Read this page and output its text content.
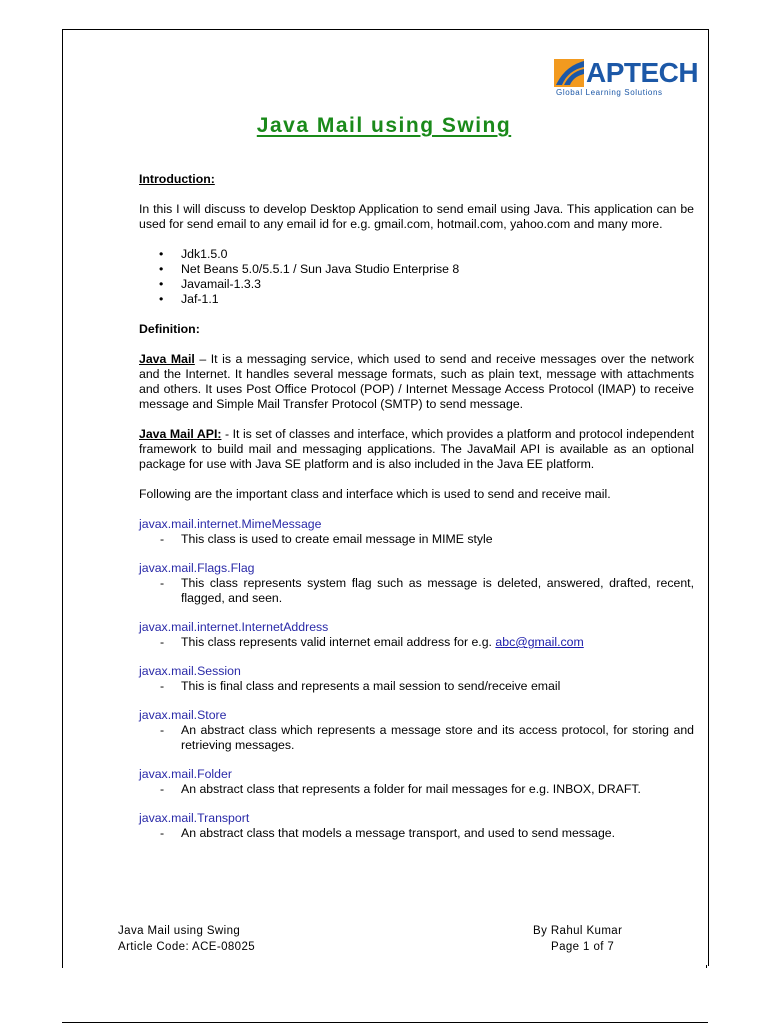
APTECH
Global Learning Solutions
Java Mail using Swing

Introduction:

In this I will discuss to develop Desktop Application to send email using Java. This application can be used for send email to any email id for e.g. gmail.com, hotmail.com, yahoo.com and many more.

• Jdk1.5.0

• Net Beans 5.0/5.5.1 / Sun Java Studio Enterprise 8

• Javamail-1.3.3

• Jaf-1.1

Definition:

Java Mail – It is a messaging service, which used to send and receive messages over the network and the Internet. It handles several message formats, such as plain text, message with attachments and others. It uses Post Office Protocol (POP) / Internet Message Access Protocol (IMAP) to receive message and Simple Mail Transfer Protocol (SMTP) to send message.

Java Mail API: - It is set of classes and interface, which provides a platform and protocol independent framework to build mail and messaging applications. The JavaMail API is available as an optional package for use with Java SE platform and is also included in the Java EE platform.

Following are the important class and interface which is used to send and receive mail.

javax.mail.internet.MimeMessage

- This class is used to create email message in MIME style

javax.mail.Flags.Flag

- This class represents system flag such as message is deleted, answered, drafted, recent, flagged, and seen.

javax.mail.internet.InternetAddress

- This class represents valid internet email address for e.g. abc@gmail.com

javax.mail.Session

- This is final class and represents a mail session to send/receive email

javax.mail.Store

- An abstract class which represents a message store and its access protocol, for storing and retrieving messages.

javax.mail.Folder

- An abstract class that represents a folder for mail messages for e.g. INBOX, DRAFT.

javax.mail.Transport

- An abstract class that models a message transport, and used to send message.

Java Mail using Swing
Article Code: ACE-08025
By Rahul Kumar
Page 1 of 7
